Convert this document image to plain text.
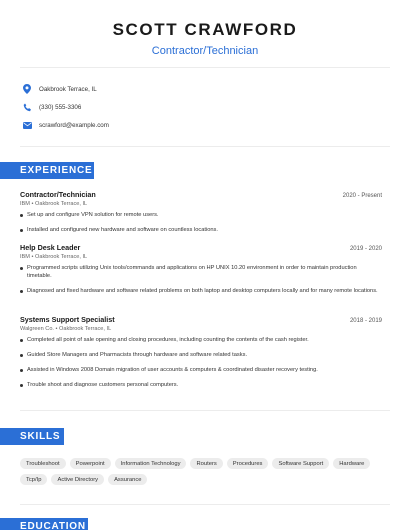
SCOTT CRAWFORD
Contractor/Technician
Oakbrook Terrace, IL
(330) 555-3306
scrawford@example.com
EXPERIENCE
Contractor/Technician	2020 - Present
IBM • Oakbrook Terrace, IL
Set up and configure VPN solution for remote users.
Installed and configured new hardware and software on countless locations.
Help Desk Leader	2019 - 2020
IBM • Oakbrook Terrace, IL
Programmed scripts utilizing Unix tools/commands and applications on HP UNIX 10.20 environment in order to maintain production timetable.
Diagnosed and fixed hardware and software related problems on both laptop and desktop computers locally and for many remote locations.
Systems Support Specialist	2018 - 2019
Walgreen Co. • Oakbrook Terrace, IL
Completed all point of sale opening and closing procedures, including counting the contents of the cash register.
Guided Store Managers and Pharmacists through hardware and software related tasks.
Assisted in Windows 2008 Domain migration of user accounts & computers & coordinated disaster recovery testing.
Trouble shoot and diagnose customers personal computers.
SKILLS
Troubleshoot	Powerpoint	Information Technology	Routers	Procedures	Software Support	Hardware
Tcp/Ip	Active Directory	Assurance
EDUCATION
